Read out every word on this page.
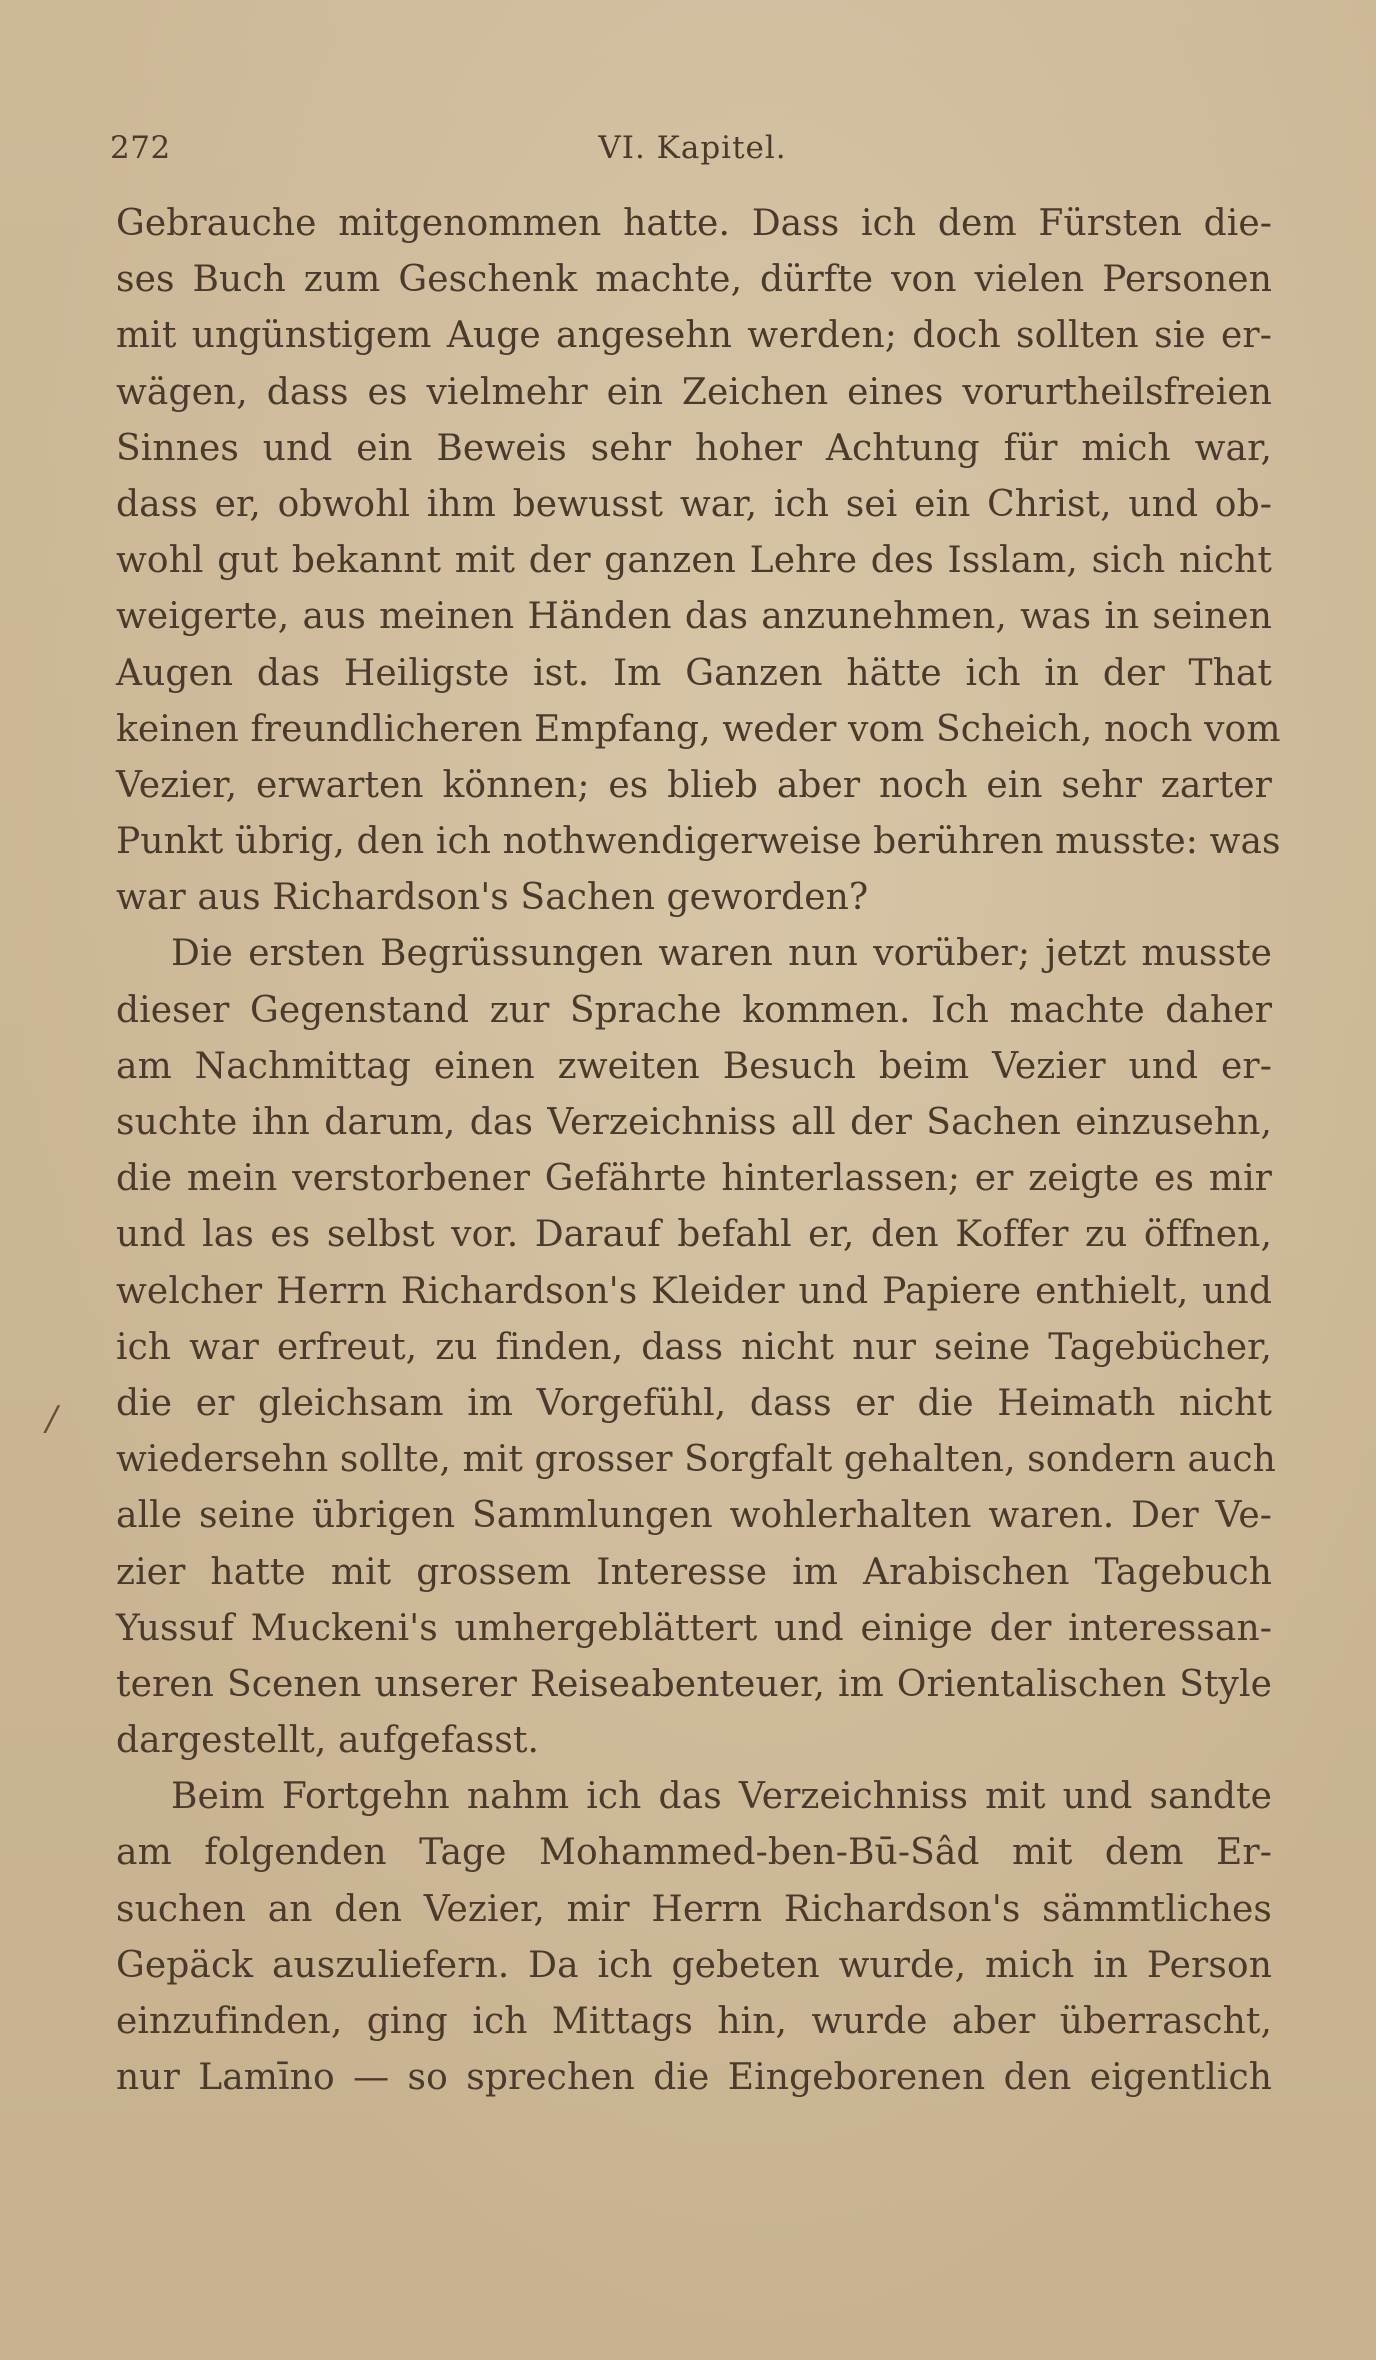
272	VI. Kapitel.
/
Gebrauche mitgenommen hatte. Dass ich dem Fürsten die-
ses Buch zum Geschenk machte, dürfte von vielen Personen
mit ungünstigem Auge angesehn werden; doch sollten sie er-
wägen, dass es vielmehr ein Zeichen eines vorurtheilsfreien
Sinnes und ein Beweis sehr hoher Achtung für mich war,
dass er, obwohl ihm bewusst war, ich sei ein Christ, und ob-
wohl gut bekannt mit der ganzen Lehre des Isslam, sich nicht
weigerte, aus meinen Händen das anzunehmen, was in seinen
Augen das Heiligste ist. Im Ganzen hätte ich in der That
keinen freundlicheren Empfang, weder vom Scheich, noch vom
Vezier, erwarten können; es blieb aber noch ein sehr zarter
Punkt übrig, den ich nothwendigerweise berühren musste: was
war aus Richardson's Sachen geworden?
Die ersten Begrüssungen waren nun vorüber; jetzt musste
dieser Gegenstand zur Sprache kommen. Ich machte daher
am Nachmittag einen zweiten Besuch beim Vezier und er-
suchte ihn darum, das Verzeichniss all der Sachen einzusehn,
die mein verstorbener Gefährte hinterlassen; er zeigte es mir
und las es selbst vor. Darauf befahl er, den Koffer zu öffnen,
welcher Herrn Richardson's Kleider und Papiere enthielt, und
ich war erfreut, zu finden, dass nicht nur seine Tagebücher,
die er gleichsam im Vorgefühl, dass er die Heimath nicht
wiedersehn sollte, mit grosser Sorgfalt gehalten, sondern auch
alle seine übrigen Sammlungen wohlerhalten waren. Der Ve-
zier hatte mit grossem Interesse im Arabischen Tagebuch
Yussuf Muckeni's umhergeblättert und einige der interessan-
teren Scenen unserer Reiseabenteuer, im Orientalischen Style
dargestellt, aufgefasst.
Beim Fortgehn nahm ich das Verzeichniss mit und sandte
am folgenden Tage Mohammed-ben-Bū-Sâd mit dem Er-
suchen an den Vezier, mir Herrn Richardson's sämmtliches
Gepäck auszuliefern. Da ich gebeten wurde, mich in Person
einzufinden, ging ich Mittags hin, wurde aber überrascht,
nur Lamīno — so sprechen die Eingeborenen den eigentlich
